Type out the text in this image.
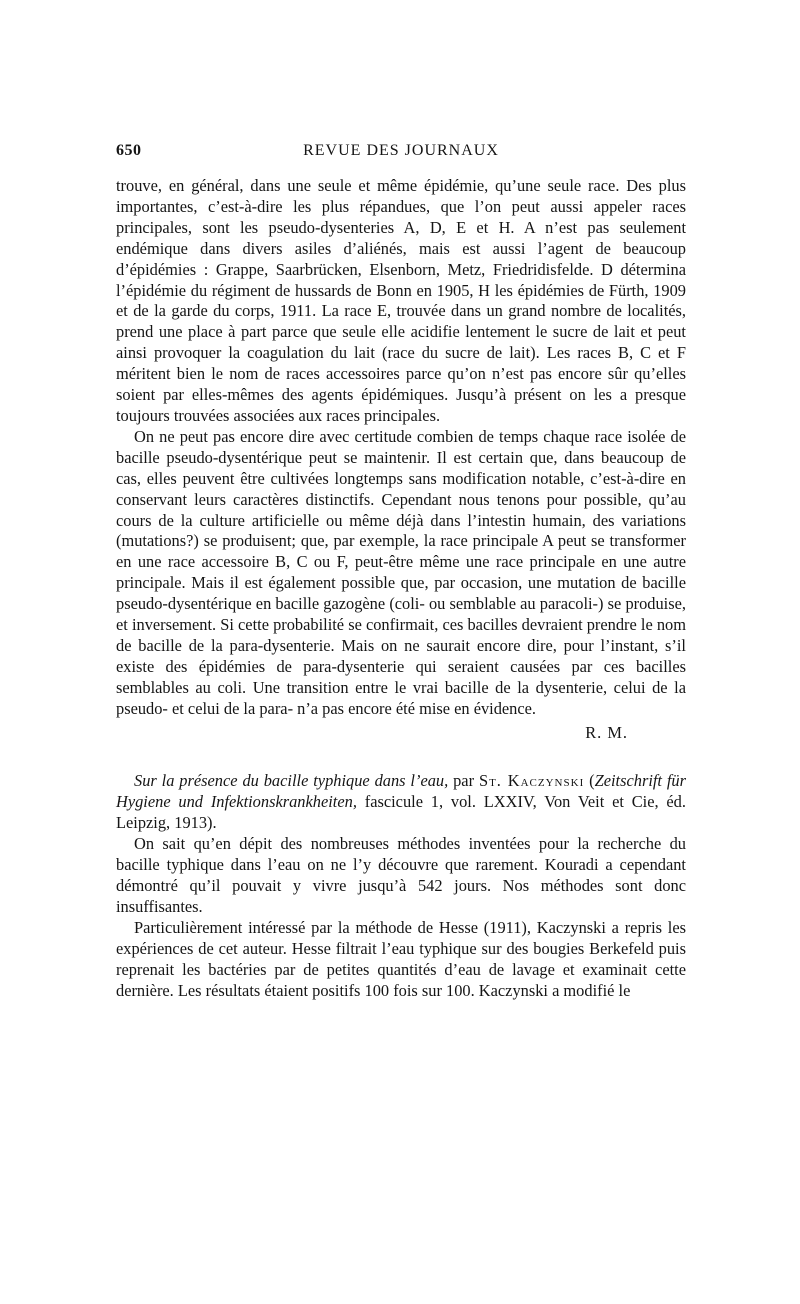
650	REVUE DES JOURNAUX

trouve, en général, dans une seule et même épidémie, qu’une seule race. Des plus importantes, c’est-à-dire les plus répandues, que l’on peut aussi appeler races principales, sont les pseudo-dysenteries A, D, E et H. A n’est pas seulement endémique dans divers asiles d’aliénés, mais est aussi l’agent de beaucoup d’épidémies : Grappe, Saarbrücken, Elsenborn, Metz, Friedridisfelde. D détermina l’épidémie du régiment de hussards de Bonn en 1905, H les épidémies de Fürth, 1909 et de la garde du corps, 1911. La race E, trouvée dans un grand nombre de localités, prend une place à part parce que seule elle acidifie lentement le sucre de lait et peut ainsi provoquer la coagulation du lait (race du sucre de lait). Les races B, C et F méritent bien le nom de races accessoires parce qu’on n’est pas encore sûr qu’elles soient par elles-mêmes des agents épidémiques. Jusqu’à présent on les a presque toujours trouvées associées aux races principales.

On ne peut pas encore dire avec certitude combien de temps chaque race isolée de bacille pseudo-dysentérique peut se maintenir. Il est certain que, dans beaucoup de cas, elles peuvent être cultivées longtemps sans modification notable, c’est-à-dire en conservant leurs caractères distinctifs. Cependant nous tenons pour possible, qu’au cours de la culture artificielle ou même déjà dans l’intestin humain, des variations (mutations?) se produisent; que, par exemple, la race principale A peut se transformer en une race accessoire B, C ou F, peut-être même une race principale en une autre principale. Mais il est également possible que, par occasion, une mutation de bacille pseudo-dysentérique en bacille gazogène (coli- ou semblable au paracoli-) se produise, et inversement. Si cette probabilité se confirmait, ces bacilles devraient prendre le nom de bacille de la para-dysenterie. Mais on ne saurait encore dire, pour l’instant, s’il existe des épidémies de para-dysenterie qui seraient causées par ces bacilles semblables au coli. Une transition entre le vrai bacille de la dysenterie, celui de la pseudo- et celui de la para- n’a pas encore été mise en évidence.

R. M.

Sur la présence du bacille typhique dans l’eau, par St. Kaczynski (Zeitschrift für Hygiene und Infektionskrankheiten, fascicule 1, vol. LXXIV, Von Veit et Cie, éd. Leipzig, 1913).

On sait qu’en dépit des nombreuses méthodes inventées pour la recherche du bacille typhique dans l’eau on ne l’y découvre que rarement. Kouradi a cependant démontré qu’il pouvait y vivre jusqu’à 542 jours. Nos méthodes sont donc insuffisantes.

Particulièrement intéressé par la méthode de Hesse (1911), Kaczynski a repris les expériences de cet auteur. Hesse filtrait l’eau typhique sur des bougies Berkefeld puis reprenait les bactéries par de petites quantités d’eau de lavage et examinait cette dernière. Les résultats étaient positifs 100 fois sur 100. Kaczynski a modifié le
